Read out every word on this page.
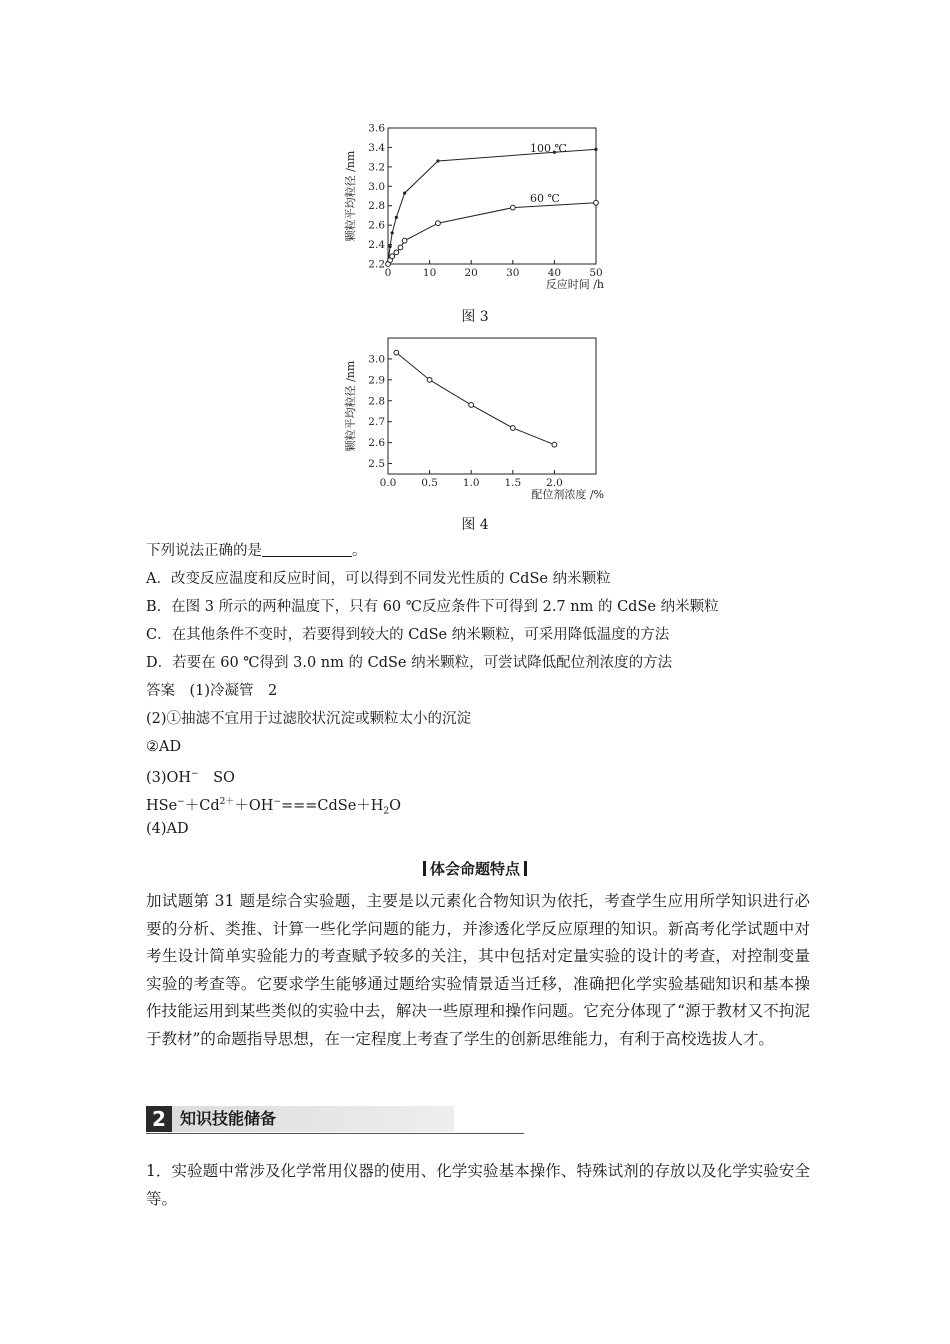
0	10	20	30	40	50
2.2
2.4
2.6
2.8
3.0
3.2
3.4
3.6
反应时间 /h
颗粒平均粒径 /nm
100 ℃
60 ℃
图 3
0.0 0.5 1.0 1.5 2.0
2.5
2.6
2.7
2.8
2.9
3.0
配位剂浓度 /%
颗粒平均粒径 /nm
图 4
下列说法正确的是	。
A．改变反应温度和反应时间，可以得到不同发光性质的 CdSe 纳米颗粒
B．在图 3 所示的两种温度下，只有 60 ℃反应条件下可得到 2.7 nm 的 CdSe 纳米颗粒
C．在其他条件不变时，若要得到较大的 CdSe 纳米颗粒，可采用降低温度的方法
D．若要在 60 ℃得到 3.0 nm 的 CdSe 纳米颗粒，可尝试降低配位剂浓度的方法
答案　(1)冷凝管　2
(2)①抽滤不宜用于过滤胶状沉淀或颗粒太小的沉淀
②AD
(3)OH−　SO
$HSe^-+Cd^{2+}+OH^-===CdSe+H_2O$
(4)AD
体会命题特点
加试题第 31 题是综合实验题，主要是以元素化合物知识为依托，考查学生应用所学知识进行必要的分析、类推、计算一些化学问题的能力，并渗透化学反应原理的知识。新高考化学试题中对考生设计简单实验能力的考查赋予较多的关注，其中包括对定量实验的设计的考查，对控制变量实验的考查等。它要求学生能够通过题给实验情景适当迁移，准确把化学实验基础知识和基本操作技能运用到某些类似的实验中去，解决一些原理和操作问题。它充分体现了“源于教材又不拘泥于教材”的命题指导思想，在一定程度上考查了学生的创新思维能力，有利于高校选拔人才。
2 知识技能储备
1．实验题中常涉及化学常用仪器的使用、化学实验基本操作、特殊试剂的存放以及化学实验安全等。
